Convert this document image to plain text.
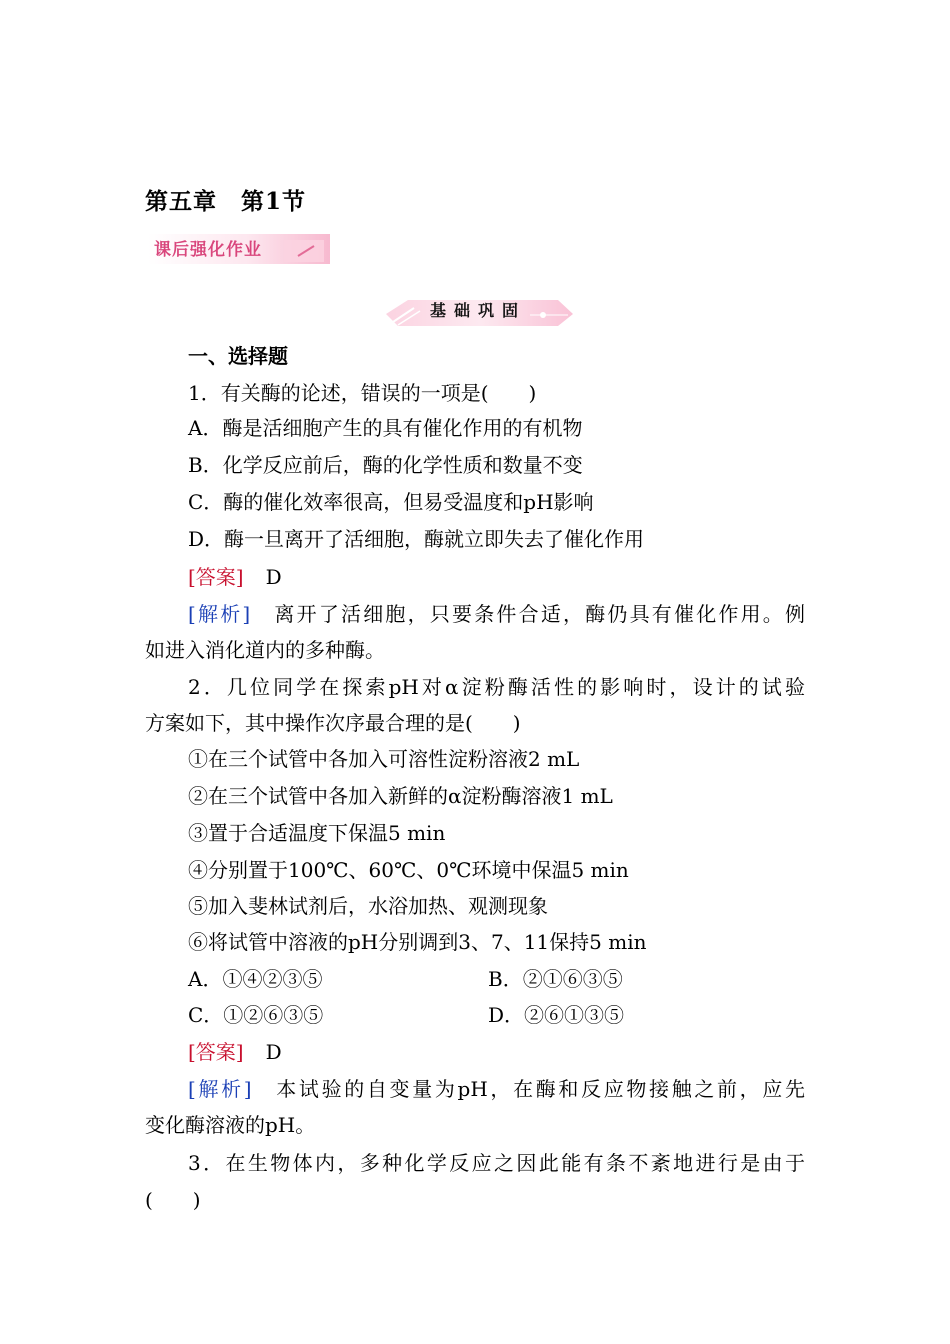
第五章　第1节
课后强化作业
基础巩固
一、选择题
1．有关酶的论述，错误的一项是(　　)
A．酶是活细胞产生的具有催化作用的有机物
B．化学反应前后，酶的化学性质和数量不变
C．酶的催化效率很高，但易受温度和pH影响
D．酶一旦离开了活细胞，酶就立即失去了催化作用
[答案] D
[解析] 离开了活细胞，只要条件合适，酶仍具有催化作用。例
如进入消化道内的多种酶。
2．几位同学在探索pH对α淀粉酶活性的影响时，设计的试验
方案如下，其中操作次序最合理的是(　　)
①在三个试管中各加入可溶性淀粉溶液2 mL
②在三个试管中各加入新鲜的α淀粉酶溶液1 mL
③置于合适温度下保温5 min
④分别置于100℃、60℃、0℃环境中保温5 min
⑤加入斐林试剂后，水浴加热、观测现象
⑥将试管中溶液的pH分别调到3、7、11保持5 min
A．①④②③⑤	B．②①⑥③⑤
C．①②⑥③⑤	D．②⑥①③⑤
[答案] D
[解析] 本试验的自变量为pH，在酶和反应物接触之前，应先
变化酶溶液的pH。
3．在生物体内，多种化学反应之因此能有条不紊地进行是由于
(　　)
